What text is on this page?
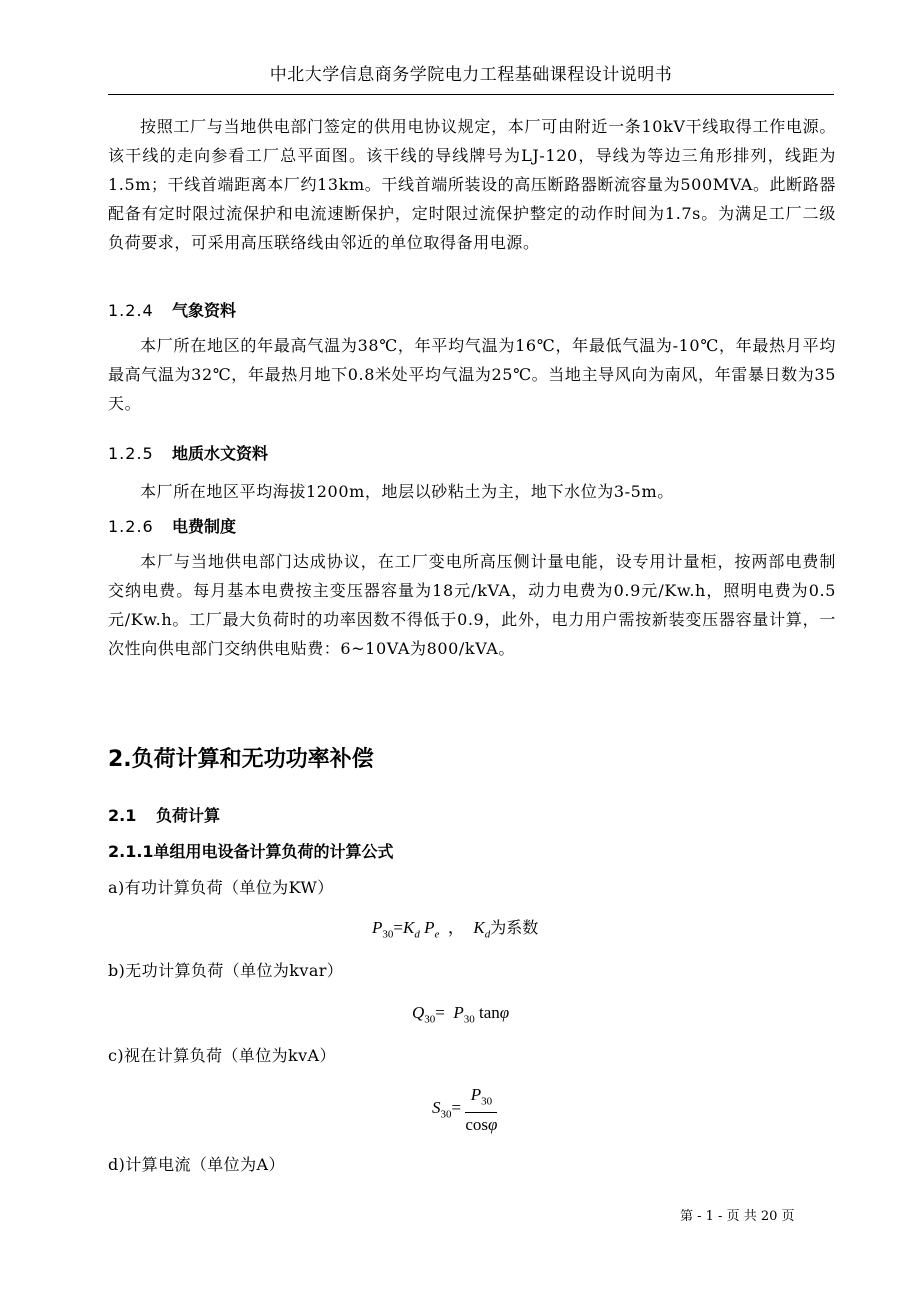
中北大学信息商务学院电力工程基础课程设计说明书
按照工厂与当地供电部门签定的供用电协议规定，本厂可由附近一条10kV干线取得工作电源。该干线的走向参看工厂总平面图。该干线的导线牌号为LJ-120，导线为等边三角形排列，线距为1.5m；干线首端距离本厂约13km。干线首端所装设的高压断路器断流容量为500MVA。此断路器配备有定时限过流保护和电流速断保护，定时限过流保护整定的动作时间为1.7s。为满足工厂二级负荷要求，可采用高压联络线由邻近的单位取得备用电源。
1.2.4 气象资料
本厂所在地区的年最高气温为38℃，年平均气温为16℃，年最低气温为-10℃，年最热月平均最高气温为32℃，年最热月地下0.8米处平均气温为25℃。当地主导风向为南风，年雷暴日数为35天。
1.2.5 地质水文资料
本厂所在地区平均海拔1200m，地层以砂粘土为主，地下水位为3-5m。
1.2.6 电费制度
本厂与当地供电部门达成协议，在工厂变电所高压侧计量电能，设专用计量柜，按两部电费制交纳电费。每月基本电费按主变压器容量为18元/kVA，动力电费为0.9元/Kw.h，照明电费为0.5元/Kw.h。工厂最大负荷时的功率因数不得低于0.9，此外，电力用户需按新装变压器容量计算，一次性向供电部门交纳供电贴费：6~10VA为800/kVA。
2.负荷计算和无功功率补偿
2.1 负荷计算
2.1.1单组用电设备计算负荷的计算公式
a)有功计算负荷（单位为KW）
$P_{30}=K_d$ $P_e$ ， $K_d$为系数
b)无功计算负荷（单位为kvar）
$Q_{30}= P_{30}$ tanφ
c)视在计算负荷（单位为kvA）
$S_{30}= \frac{P_{30}}{\cos\varphi}$
d)计算电流（单位为A）
第 - 1 - 页 共 20 页
